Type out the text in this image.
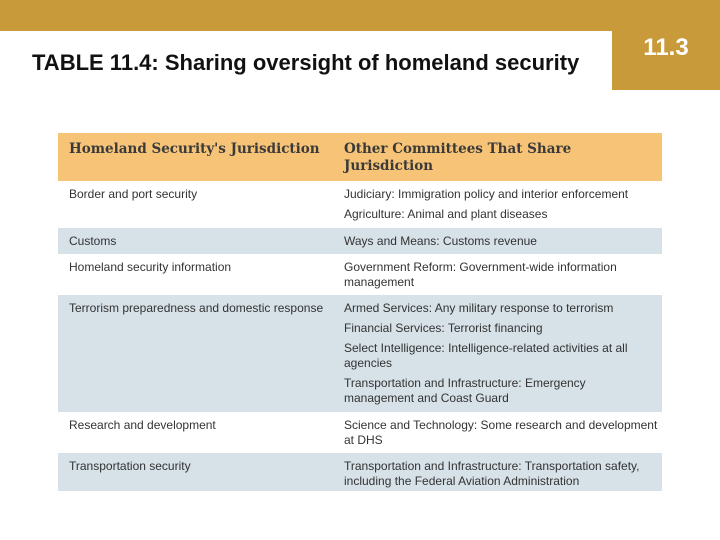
11.3
TABLE 11.4: Sharing oversight of homeland security
Homeland Security's Jurisdiction	Other Committees That Share Jurisdiction
Border and port security	Judiciary: Immigration policy and interior enforcement
Agriculture: Animal and plant diseases
Customs	Ways and Means: Customs revenue
Homeland security information	Government Reform: Government-wide information management
Terrorism preparedness and domestic response	Armed Services: Any military response to terrorism
Financial Services: Terrorist financing
Select Intelligence: Intelligence-related activities at all agencies
Transportation and Infrastructure: Emergency management and Coast Guard
Research and development	Science and Technology: Some research and development at DHS
Transportation security	Transportation and Infrastructure: Transportation safety, including the Federal Aviation Administration
